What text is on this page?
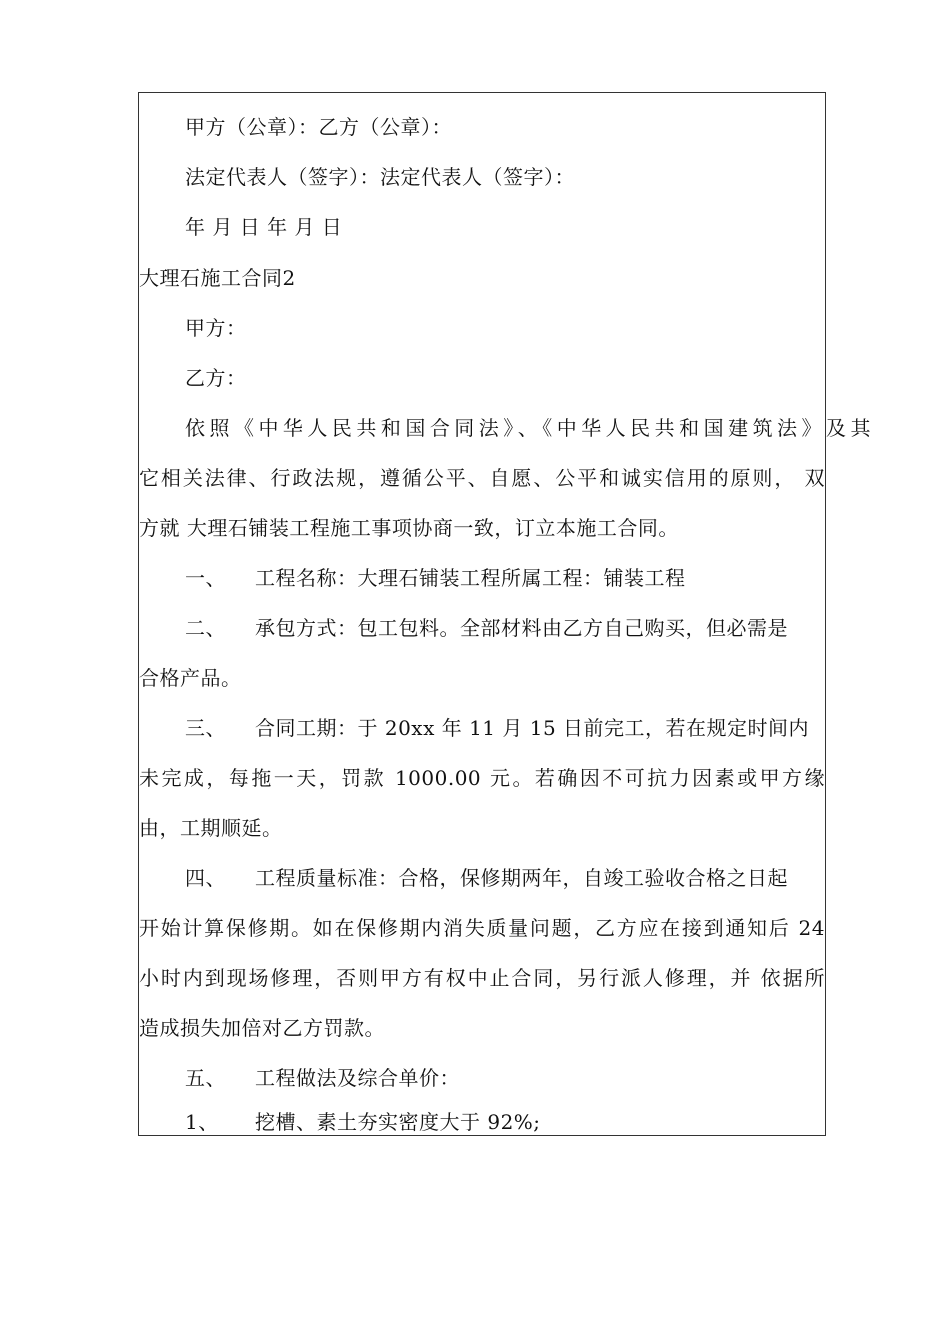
甲方（公章）：乙方（公章）：
法定代表人（签字）：法定代表人（签字）：
年 月 日 年 月 日
大理石施工合同2
甲方：
乙方：
依照《中华人民共和国合同法》、《中华人民共和国建筑法》及其
它相关法律、行政法规，遵循公平、自愿、公平和诚实信用的原则， 双
方就 大理石铺装工程施工事项协商一致，订立本施工合同。
一、 工程名称：大理石铺装工程所属工程：铺装工程
二、 承包方式：包工包料。全部材料由乙方自己购买，但必需是
合格产品。
三、 合同工期：于 20xx 年 11 月 15 日前完工，若在规定时间内
未完成，每拖一天，罚款 1000.00 元。若确因不可抗力因素或甲方缘
由，工期顺延。
四、 工程质量标准：合格，保修期两年，自竣工验收合格之日起
开始计算保修期。如在保修期内消失质量问题，乙方应在接到通知后 24
小时内到现场修理，否则甲方有权中止合同，另行派人修理，并 依据所
造成损失加倍对乙方罚款。
五、 工程做法及综合单价：
1、 挖槽、素土夯实密度大于 92%;
